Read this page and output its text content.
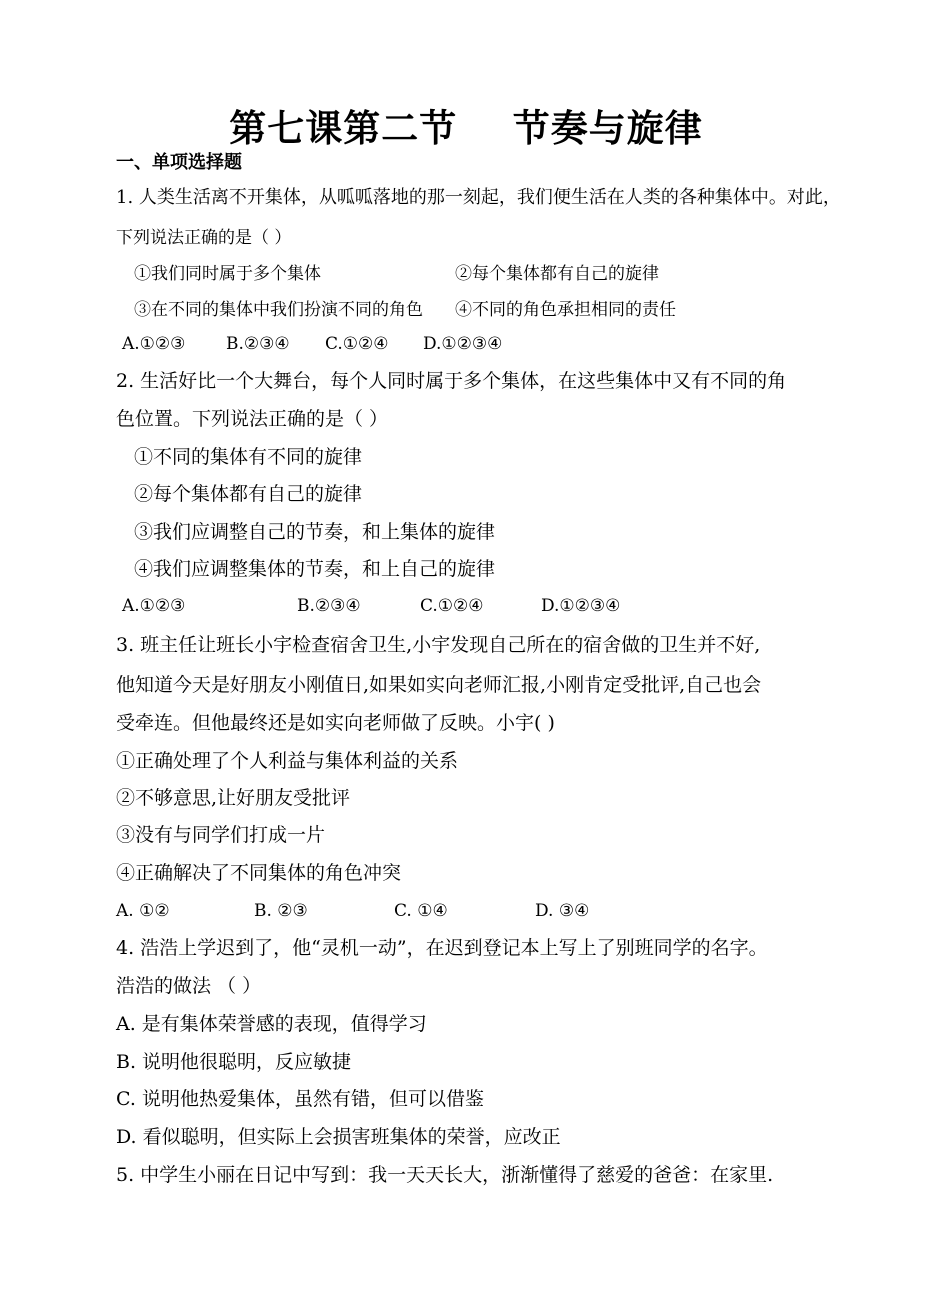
第七课第二节    节奏与旋律
一、单项选择题
1. 人类生活离不开集体，从呱呱落地的那一刻起，我们便生活在人类的各种集体中。对此，
下列说法正确的是（ ）
①我们同时属于多个集体	②每个集体都有自己的旋律
③在不同的集体中我们扮演不同的角色 ④不同的角色承担相同的责任
A.①②③ B.②③④ C.①②④ D.①②③④
2. 生活好比一个大舞台，每个人同时属于多个集体，在这些集体中又有不同的角
色位置。下列说法正确的是（ ）
①不同的集体有不同的旋律
②每个集体都有自己的旋律
③我们应调整自己的节奏，和上集体的旋律
④我们应调整集体的节奏，和上自己的旋律
A.①②③	B.②③④	C.①②④	D.①②③④
3. 班主任让班长小宇检查宿舍卫生,小宇发现自己所在的宿舍做的卫生并不好,
他知道今天是好朋友小刚值日,如果如实向老师汇报,小刚肯定受批评,自己也会
受牵连。但他最终还是如实向老师做了反映。小宇( )
①正确处理了个人利益与集体利益的关系
②不够意思,让好朋友受批评
③没有与同学们打成一片
④正确解决了不同集体的角色冲突
A. ①②	B. ②③	C. ①④	D. ③④
4. 浩浩上学迟到了，他“灵机一动”，在迟到登记本上写上了别班同学的名字。
浩浩的做法 （ ）
A. 是有集体荣誉感的表现，值得学习
B. 说明他很聪明，反应敏捷
C. 说明他热爱集体，虽然有错，但可以借鉴
D. 看似聪明，但实际上会损害班集体的荣誉，应改正
5. 中学生小丽在日记中写到：我一天天长大，浙渐懂得了慈爱的爸爸：在家里.
